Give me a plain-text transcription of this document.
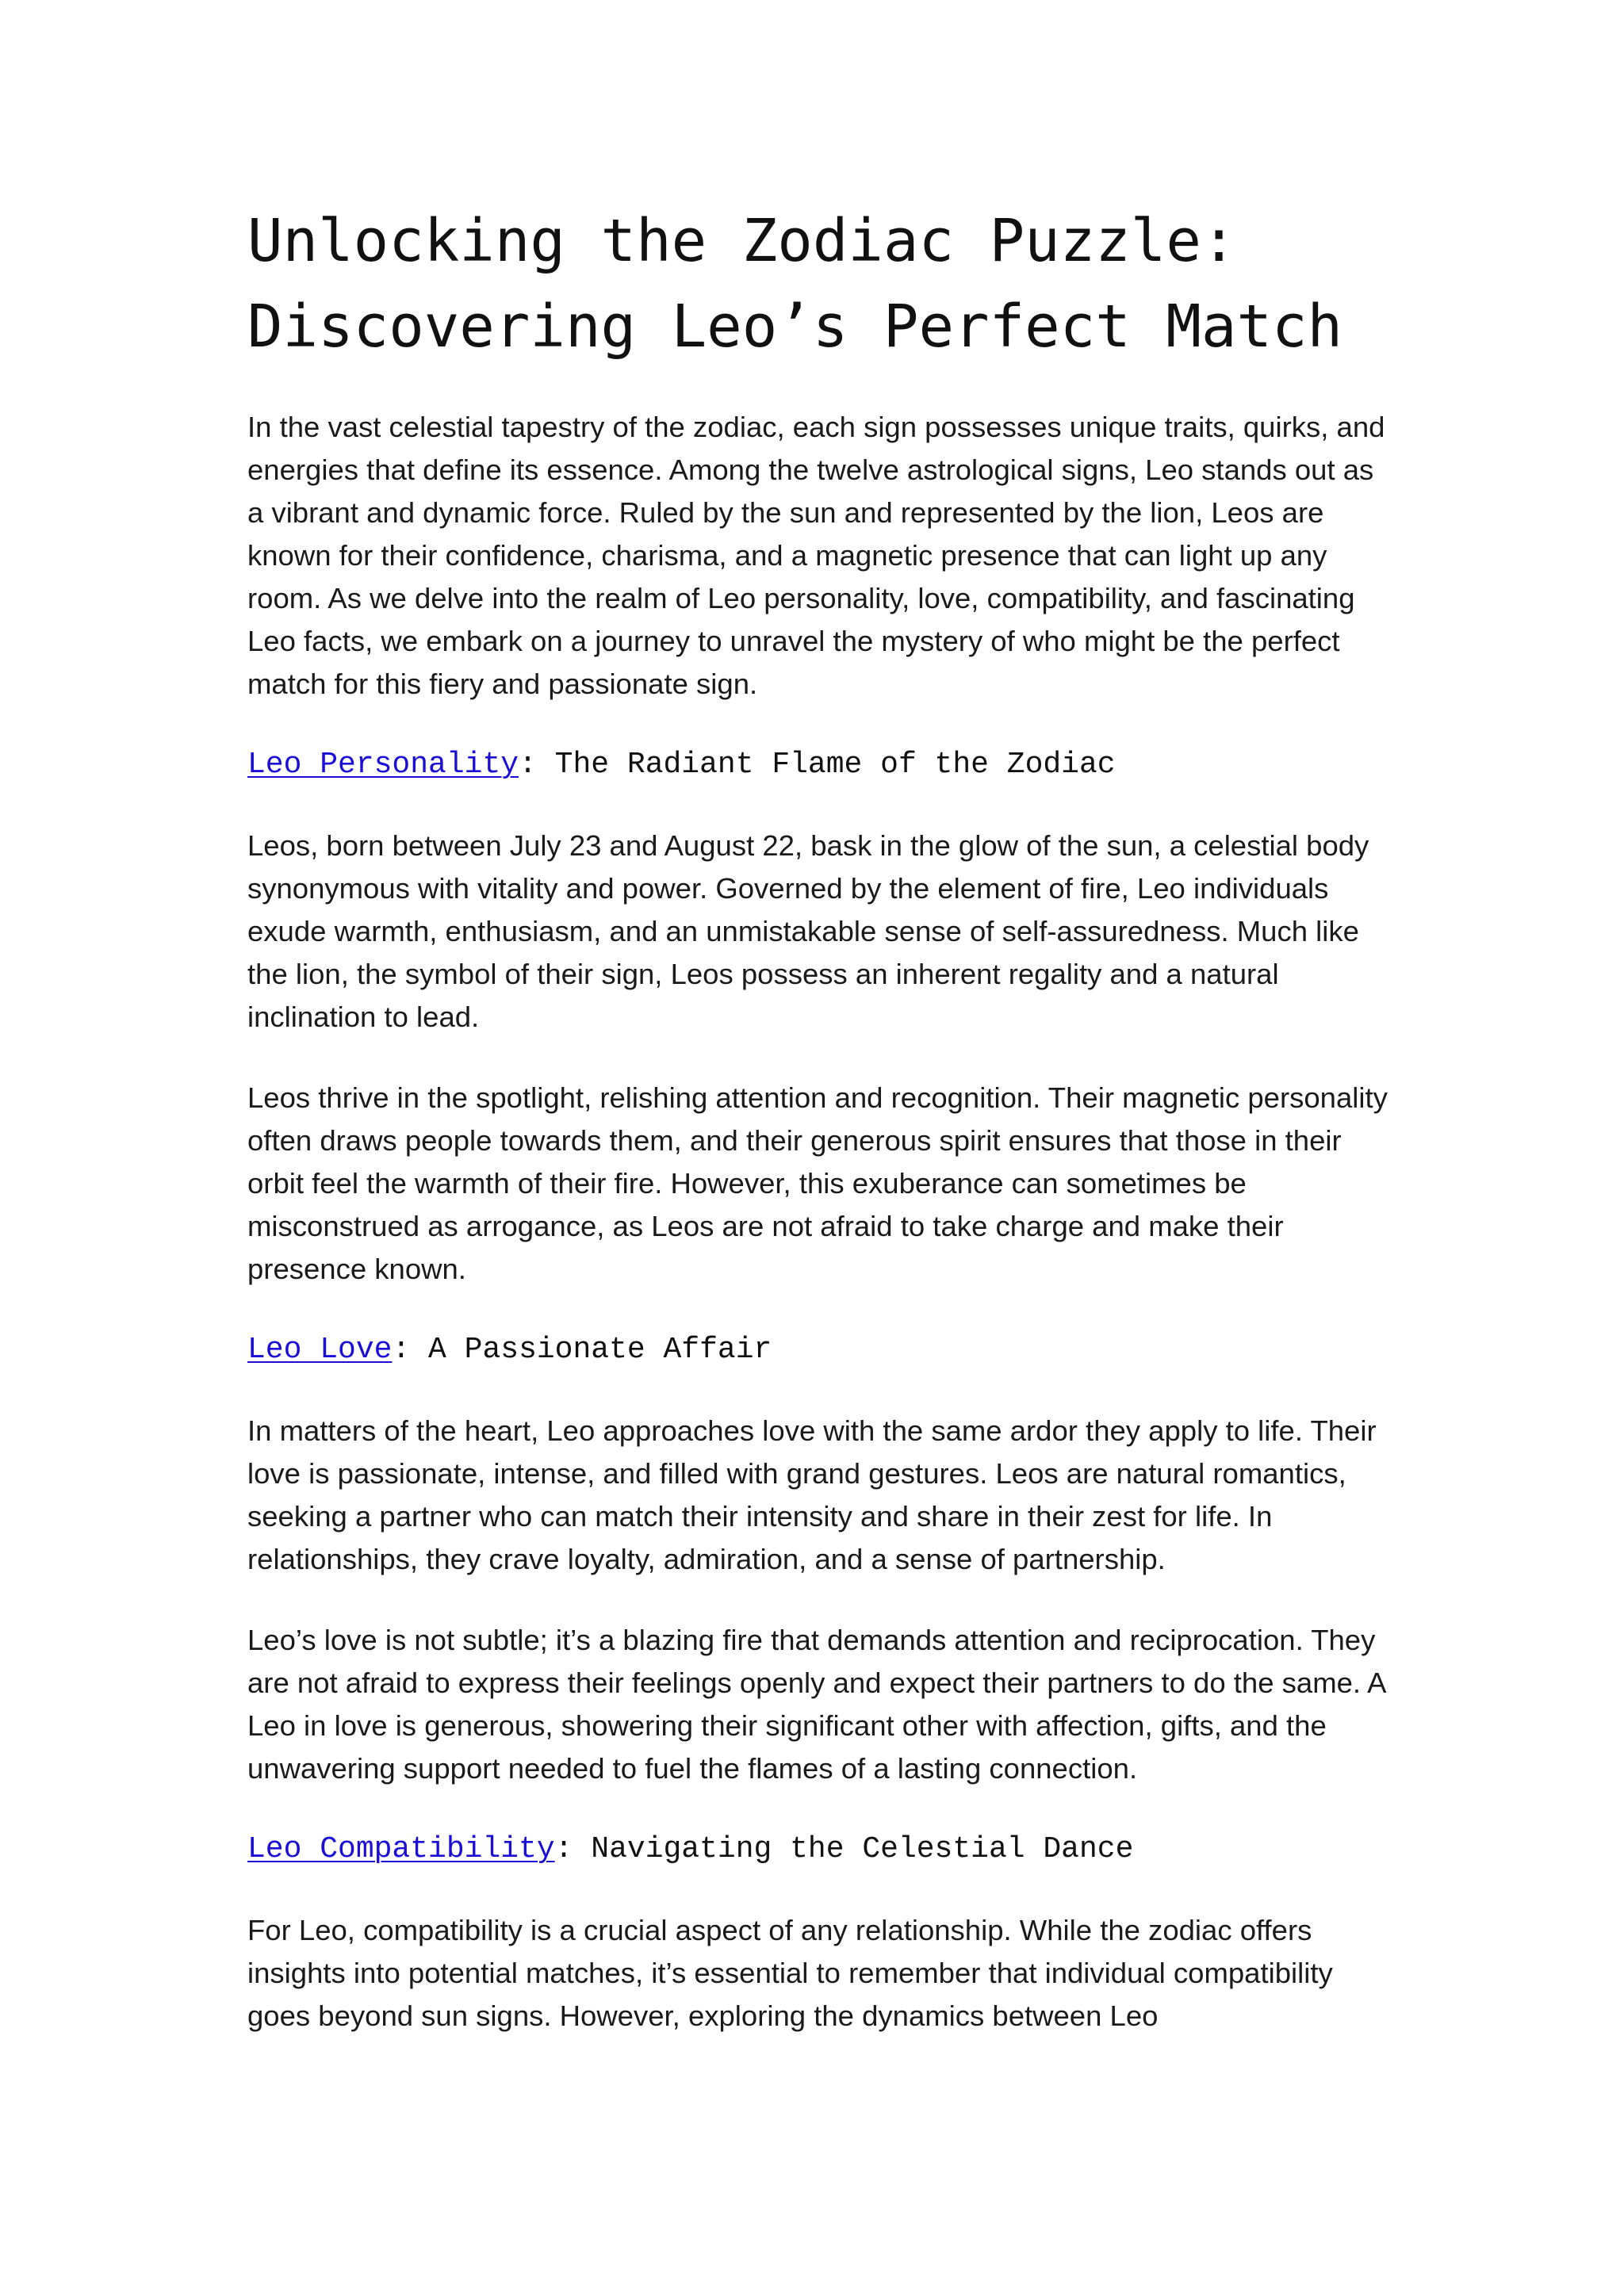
Unlocking the Zodiac Puzzle:
Discovering Leo’s Perfect Match

In the vast celestial tapestry of the zodiac, each sign possesses unique traits, quirks, and energies that define its essence. Among the twelve astrological signs, Leo stands out as a vibrant and dynamic force. Ruled by the sun and represented by the lion, Leos are known for their confidence, charisma, and a magnetic presence that can light up any room. As we delve into the realm of Leo personality, love, compatibility, and fascinating Leo facts, we embark on a journey to unravel the mystery of who might be the perfect match for this fiery and passionate sign.

Leo Personality: The Radiant Flame of the Zodiac

Leos, born between July 23 and August 22, bask in the glow of the sun, a celestial body synonymous with vitality and power. Governed by the element of fire, Leo individuals exude warmth, enthusiasm, and an unmistakable sense of self-assuredness. Much like the lion, the symbol of their sign, Leos possess an inherent regality and a natural inclination to lead.

Leos thrive in the spotlight, relishing attention and recognition. Their magnetic personality often draws people towards them, and their generous spirit ensures that those in their orbit feel the warmth of their fire. However, this exuberance can sometimes be misconstrued as arrogance, as Leos are not afraid to take charge and make their presence known.

Leo Love: A Passionate Affair

In matters of the heart, Leo approaches love with the same ardor they apply to life. Their love is passionate, intense, and filled with grand gestures. Leos are natural romantics, seeking a partner who can match their intensity and share in their zest for life. In relationships, they crave loyalty, admiration, and a sense of partnership.

Leo’s love is not subtle; it’s a blazing fire that demands attention and reciprocation. They are not afraid to express their feelings openly and expect their partners to do the same. A Leo in love is generous, showering their significant other with affection, gifts, and the unwavering support needed to fuel the flames of a lasting connection.

Leo Compatibility: Navigating the Celestial Dance

For Leo, compatibility is a crucial aspect of any relationship. While the zodiac offers insights into potential matches, it’s essential to remember that individual compatibility goes beyond sun signs. However, exploring the dynamics between Leo
